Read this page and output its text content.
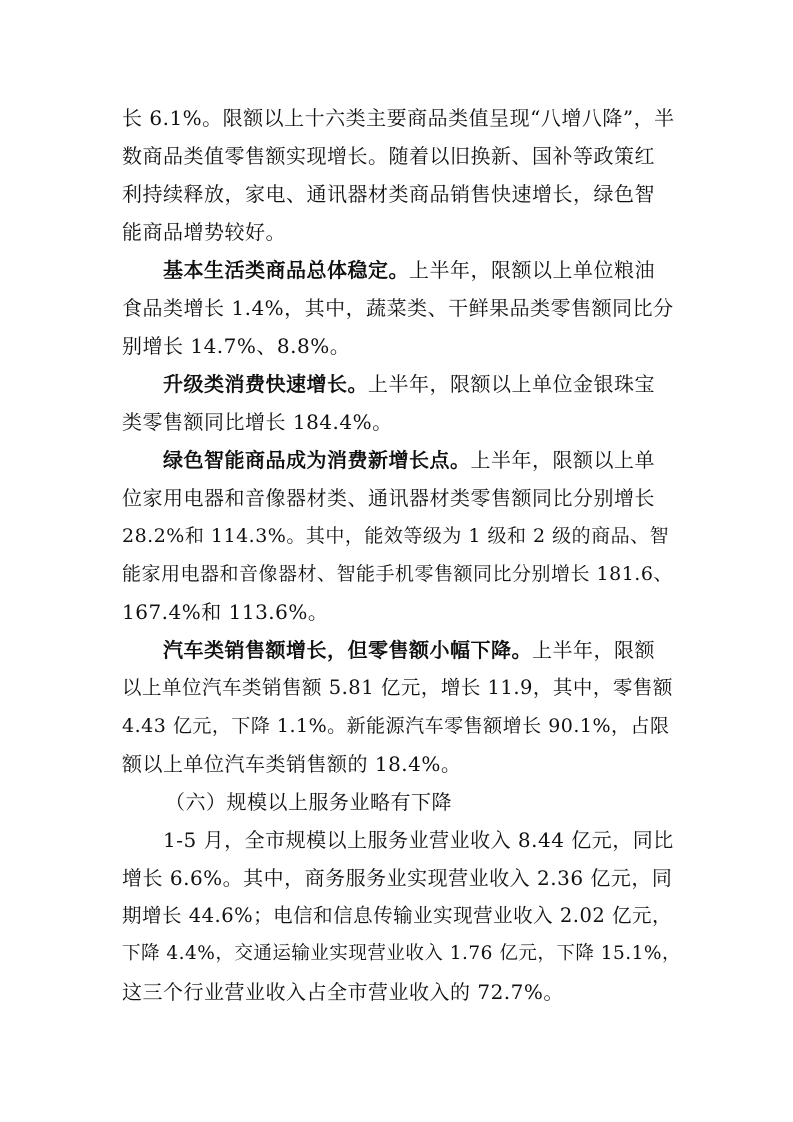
长 6.1%。限额以上十六类主要商品类值呈现“八增八降”，半
数商品类值零售额实现增长。随着以旧换新、国补等政策红
利持续释放，家电、通讯器材类商品销售快速增长，绿色智
能商品增势较好。
基本生活类商品总体稳定。上半年，限额以上单位粮油
食品类增长 1.4%，其中，蔬菜类、干鲜果品类零售额同比分
别增长 14.7%、8.8%。
升级类消费快速增长。上半年，限额以上单位金银珠宝
类零售额同比增长 184.4%。
绿色智能商品成为消费新增长点。上半年，限额以上单
位家用电器和音像器材类、通讯器材类零售额同比分别增长
28.2%和 114.3%。其中，能效等级为 1 级和 2 级的商品、智
能家用电器和音像器材、智能手机零售额同比分别增长 181.6、
167.4%和 113.6%。
汽车类销售额增长，但零售额小幅下降。上半年，限额
以上单位汽车类销售额 5.81 亿元，增长 11.9，其中，零售额
4.43 亿元，下降 1.1%。新能源汽车零售额增长 90.1%，占限
额以上单位汽车类销售额的 18.4%。
（六）规模以上服务业略有下降
1-5 月，全市规模以上服务业营业收入 8.44 亿元，同比
增长 6.6%。其中，商务服务业实现营业收入 2.36 亿元，同
期增长 44.6%；电信和信息传输业实现营业收入 2.02 亿元，
下降 4.4%，交通运输业实现营业收入 1.76 亿元，下降 15.1%，
这三个行业营业收入占全市营业收入的 72.7%。
